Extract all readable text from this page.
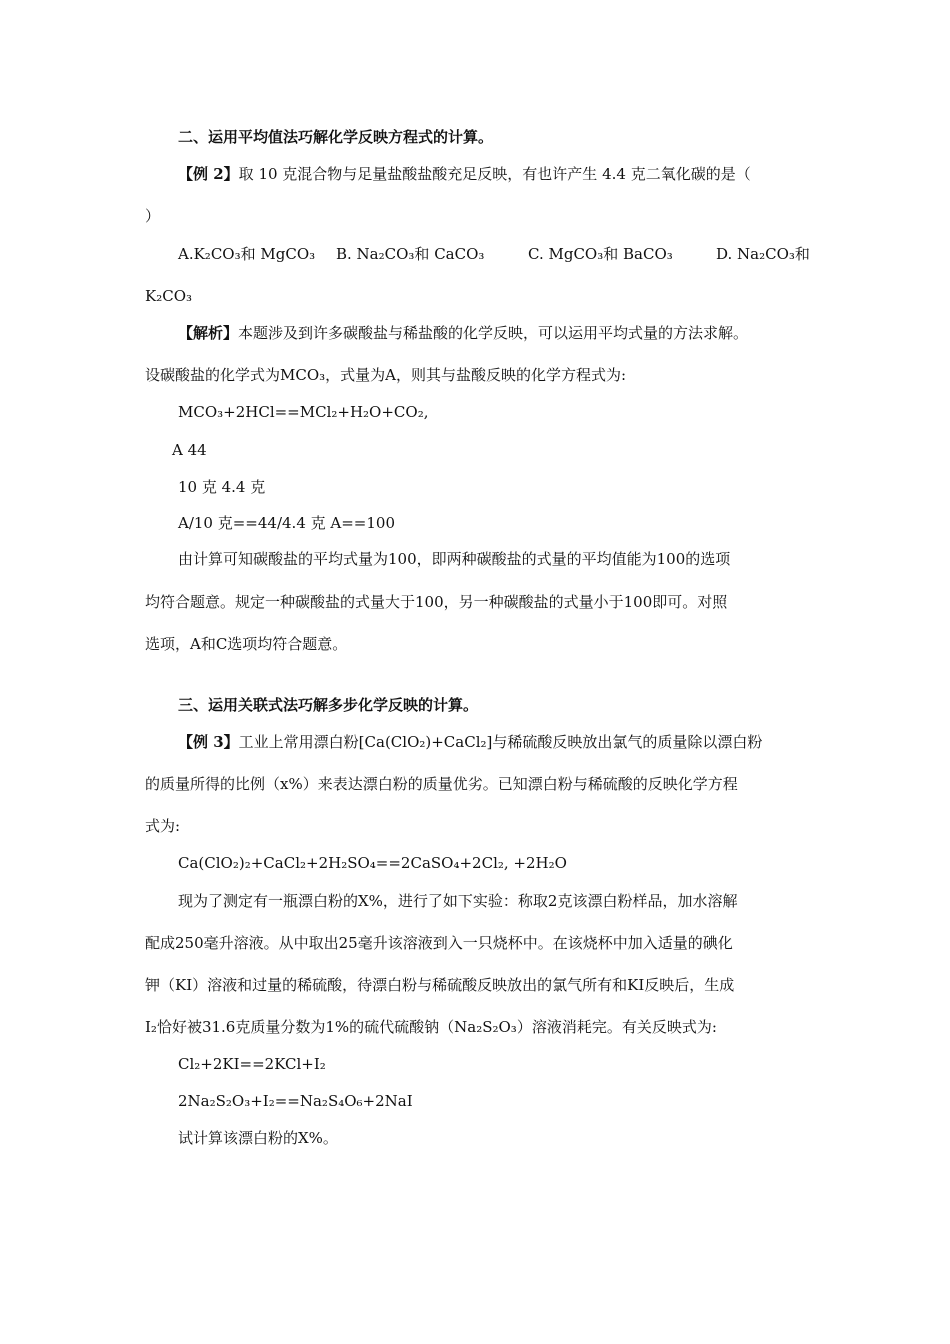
二、运用平均值法巧解化学反映方程式的计算。
【例 2】取 10 克混合物与足量盐酸盐酸充足反映，有也许产生 4.4 克二氧化碳的是（
）
A.K₂CO₃和 MgCO₃ B. Na₂CO₃和 CaCO₃	C. MgCO₃和 BaCO₃	D. Na₂CO₃和
K₂CO₃
【解析】本题涉及到许多碳酸盐与稀盐酸的化学反映，可以运用平均式量的方法求解。
设碳酸盐的化学式为MCO₃，式量为A，则其与盐酸反映的化学方程式为:
MCO₃+2HCl==MCl₂+H₂O+CO₂,
A 44
10 克 4.4 克
A/10 克==44/4.4 克 A==100
由计算可知碳酸盐的平均式量为100，即两种碳酸盐的式量的平均值能为100的选项
均符合题意。规定一种碳酸盐的式量大于100，另一种碳酸盐的式量小于100即可。对照
选项，A和C选项均符合题意。
三、运用关联式法巧解多步化学反映的计算。
【例 3】工业上常用漂白粉[Ca(ClO₂)+CaCl₂]与稀硫酸反映放出氯气的质量除以漂白粉
的质量所得的比例（x%）来表达漂白粉的质量优劣。已知漂白粉与稀硫酸的反映化学方程
式为:
Ca(ClO₂)₂+CaCl₂+2H₂SO₄==2CaSO₄+2Cl₂, +2H₂O
现为了测定有一瓶漂白粉的X%，进行了如下实验：称取2克该漂白粉样品，加水溶解
配成250毫升溶液。从中取出25毫升该溶液到入一只烧杯中。在该烧杯中加入适量的碘化
钾（KI）溶液和过量的稀硫酸，待漂白粉与稀硫酸反映放出的氯气所有和KI反映后，生成
I₂恰好被31.6克质量分数为1%的硫代硫酸钠（Na₂S₂O₃）溶液消耗完。有关反映式为:
Cl₂+2KI==2KCl+I₂
2Na₂S₂O₃+I₂==Na₂S₄O₆+2NaI
试计算该漂白粉的X%。
